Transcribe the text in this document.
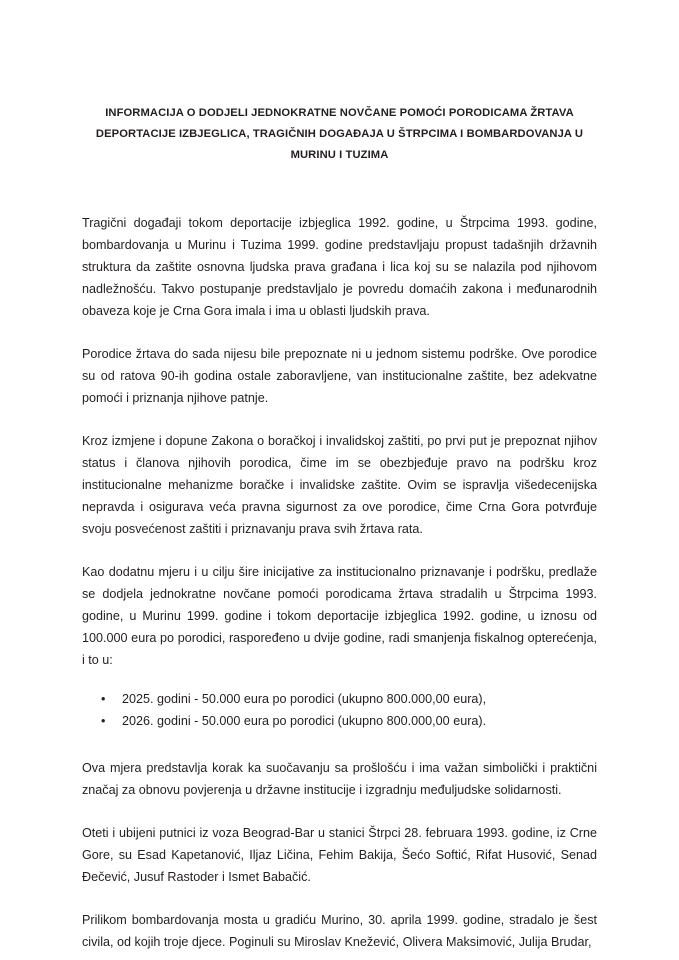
INFORMACIJA O DODJELI JEDNOKRATNE NOVČANE POMOĆI PORODICAMA ŽRTAVA DEPORTACIJE IZBJEGLICA, TRAGIČNIH DOGAĐAJA U ŠTRPCIMA I BOMBARDOVANJA U MURINU I TUZIMA

Tragični događaji tokom deportacije izbjeglica 1992. godine, u Štrpcima 1993. godine, bombardovanja u Murinu i Tuzima 1999. godine predstavljaju propust tadašnjih državnih struktura da zaštite osnovna ljudska prava građana i lica koj su se nalazila pod njihovom nadležnošću. Takvo postupanje predstavljalo je povredu domaćih zakona i međunarodnih obaveza koje je Crna Gora imala i ima u oblasti ljudskih prava.

Porodice žrtava do sada nijesu bile prepoznate ni u jednom sistemu podrške. Ove porodice su od ratova 90-ih godina ostale zaboravljene, van institucionalne zaštite, bez adekvatne pomoći i priznanja njihove patnje.

Kroz izmjene i dopune Zakona o boračkoj i invalidskoj zaštiti, po prvi put je prepoznat njihov status i članova njihovih porodica, čime im se obezbjeđuje pravo na podršku kroz institucionalne mehanizme boračke i invalidske zaštite. Ovim se ispravlja višedecenijska nepravda i osigurava veća pravna sigurnost za ove porodice, čime Crna Gora potvrđuje svoju posvećenost zaštiti i priznavanju prava svih žrtava rata.

Kao dodatnu mjeru i u cilju šire inicijative za institucionalno priznavanje i podršku, predlaže se dodjela jednokratne novčane pomoći porodicama žrtava stradalih u Štrpcima 1993. godine, u Murinu 1999. godine i tokom deportacije izbjeglica 1992. godine, u iznosu od 100.000 eura po porodici, raspoređeno u dvije godine, radi smanjenja fiskalnog opterećenja, i to u:

• 2025. godini - 50.000 eura po porodici (ukupno 800.000,00 eura),
• 2026. godini - 50.000 eura po porodici (ukupno 800.000,00 eura).

Ova mjera predstavlja korak ka suočavanju sa prošlošću i ima važan simbolički i praktični značaj za obnovu povjerenja u državne institucije i izgradnju međuljudske solidarnosti.

Oteti i ubijeni putnici iz voza Beograd-Bar u stanici Štrpci 28. februara 1993. godine, iz Crne Gore, su Esad Kapetanović, Iljaz Ličina, Fehim Bakija, Šećo Softić, Rifat Husović, Senad Đečević, Jusuf Rastoder i Ismet Babačić.

Prilikom bombardovanja mosta u gradiću Murino, 30. aprila 1999. godine, stradalo je šest civila, od kojih troje djece. Poginuli su Miroslav Knežević, Olivera Maksimović, Julija Brudar,
